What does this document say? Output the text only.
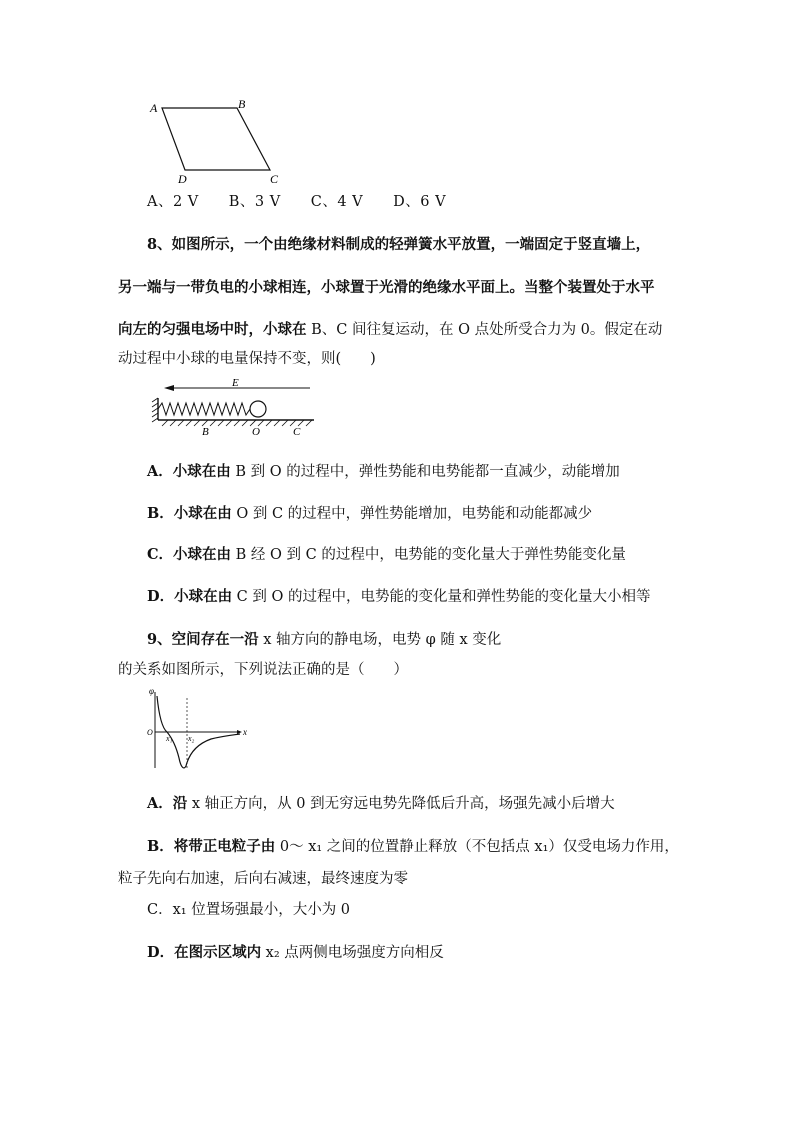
A	B
D	C
A、2 V　　B、3 V　　C、4 V　　D、6 V
8、如图所示，一个由绝缘材料制成的轻弹簧水平放置，一端固定于竖直墙上，
另一端与一带负电的小球相连，小球置于光滑的绝缘水平面上。当整个装置处于水平
向左的匀强电场中时，小球在 B、C 间往复运动，在 O 点处所受合力为 0。假定在动
动过程中小球的电量保持不变，则(　　)
E
B	O	C
A．小球在由 B 到 O 的过程中，弹性势能和电势能都一直减少，动能增加
B．小球在由 O 到 C 的过程中，弹性势能增加，电势能和动能都减少
C．小球在由 B 经 O 到 C 的过程中，电势能的变化量大于弹性势能变化量
D．小球在由 C 到 O 的过程中，电势能的变化量和弹性势能的变化量大小相等
9、空间存在一沿 x 轴方向的静电场，电势 φ 随 x 变化
的关系如图所示，下列说法正确的是（　　）
φ
O	x
x₁ x₂
A．沿 x 轴正方向，从 0 到无穷远电势先降低后升高，场强先减小后增大
B．将带正电粒子由 0～ x₁ 之间的位置静止释放（不包括点 x₁）仅受电场力作用，
粒子先向右加速，后向右减速，最终速度为零
C．x₁ 位置场强最小，大小为 0
D．在图示区域内 x₂ 点两侧电场强度方向相反
